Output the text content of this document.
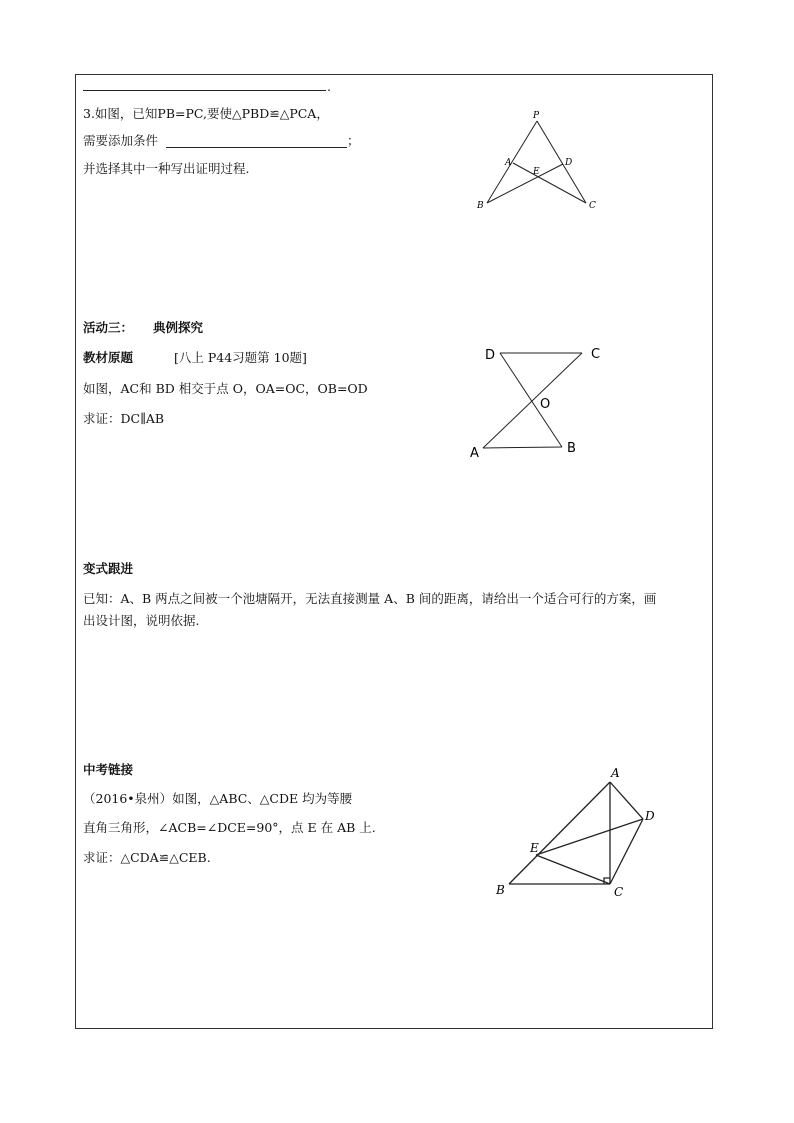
.
3.如图，已知PB=PC,要使△PBD≌△PCA，
需要添加条件	；
并选择其中一种写出证明过程.
P
A	D
E
B	C
活动三： 典例探究
教材原题	[八上 P44习题第 10题]
如图，AC和 BD 相交于点 O，OA=OC，OB=OD
求证：DC∥AB
D	C
O
A	B
变式跟进
已知：A、B 两点之间被一个池塘隔开，无法直接测量 A、B 间的距离，请给出一个适合可行的方案，画
出设计图，说明依据.
中考链接
（2016•泉州）如图，△ABC、△CDE 均为等腰
直角三角形，∠ACB=∠DCE=90°，点 E 在 AB 上.
求证：△CDA≌△CEB.
A
D
E
B	C
